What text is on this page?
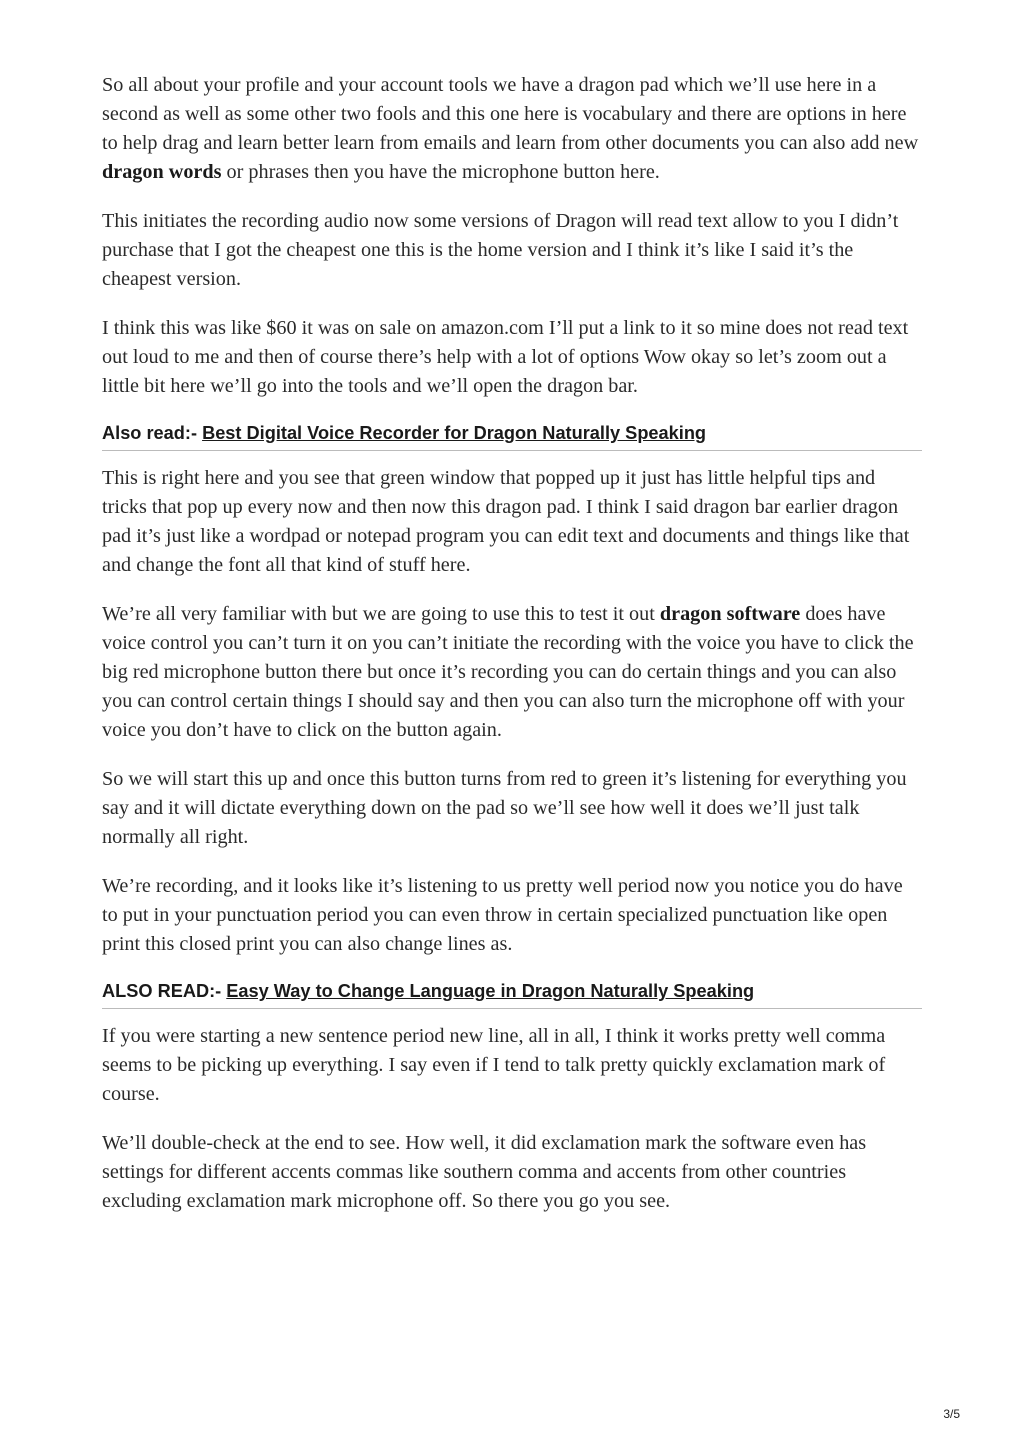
So all about your profile and your account tools we have a dragon pad which we’ll use here in a second as well as some other two fools and this one here is vocabulary and there are options in here to help drag and learn better learn from emails and learn from other documents you can also add new dragon words or phrases then you have the microphone button here.

This initiates the recording audio now some versions of Dragon will read text allow to you I didn’t purchase that I got the cheapest one this is the home version and I think it’s like I said it’s the cheapest version.

I think this was like $60 it was on sale on amazon.com I’ll put a link to it so mine does not read text out loud to me and then of course there’s help with a lot of options Wow okay so let’s zoom out a little bit here we’ll go into the tools and we’ll open the dragon bar.

Also read:- Best Digital Voice Recorder for Dragon Naturally Speaking

This is right here and you see that green window that popped up it just has little helpful tips and tricks that pop up every now and then now this dragon pad. I think I said dragon bar earlier dragon pad it’s just like a wordpad or notepad program you can edit text and documents and things like that and change the font all that kind of stuff here.

We’re all very familiar with but we are going to use this to test it out dragon software does have voice control you can’t turn it on you can’t initiate the recording with the voice you have to click the big red microphone button there but once it’s recording you can do certain things and you can also you can control certain things I should say and then you can also turn the microphone off with your voice you don’t have to click on the button again.

So we will start this up and once this button turns from red to green it’s listening for everything you say and it will dictate everything down on the pad so we’ll see how well it does we’ll just talk normally all right.

We’re recording, and it looks like it’s listening to us pretty well period now you notice you do have to put in your punctuation period you can even throw in certain specialized punctuation like open print this closed print you can also change lines as.

ALSO READ:- Easy Way to Change Language in Dragon Naturally Speaking

If you were starting a new sentence period new line, all in all, I think it works pretty well comma seems to be picking up everything. I say even if I tend to talk pretty quickly exclamation mark of course.

We’ll double-check at the end to see. How well, it did exclamation mark the software even has settings for different accents commas like southern comma and accents from other countries excluding exclamation mark microphone off. So there you go you see.

3/5
